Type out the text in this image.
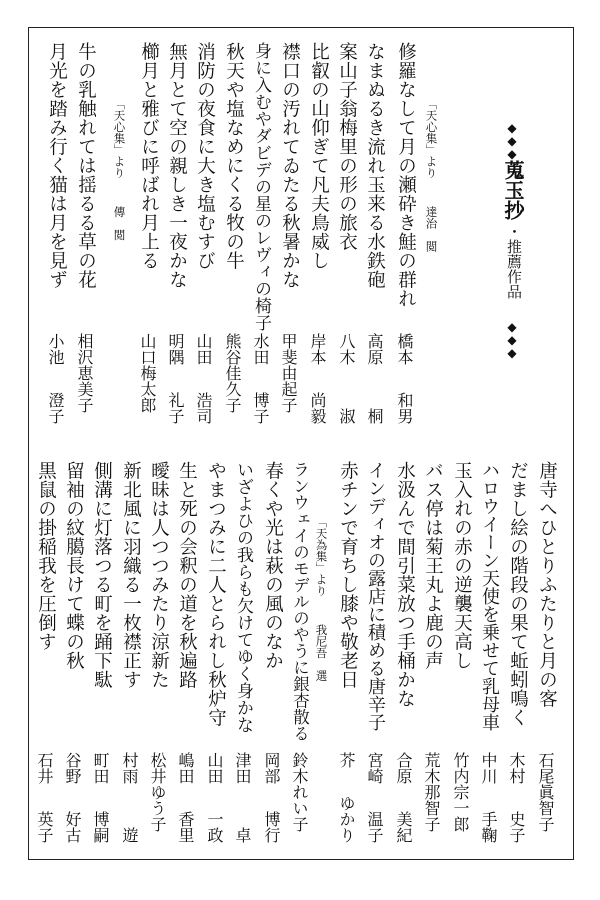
◆◆◆
蒐玉抄
・推薦作品
◆◆◆
「天心集」より
達治　閲
修羅なして月の瀬砕き鮭の群れ
橋本
和男
なまぬるき流れ玉来る水鉄砲
高原
桐
案山子翁梅里の形の旅衣
八木
淑
比叡の山仰ぎて凡夫鳥威し
岸本
尚毅
襟口の汚れてゐたる秋暑かな
甲斐由起子
身に入むやダビデの星のレヴィの椅子
水田
博子
秋天や塩なめにくる牧の牛
熊谷佳久子
消防の夜食に大き塩むすび
山田
浩司
無月とて空の親しき一夜かな
明隅
礼子
櫛月と雅びに呼ばれ月上る
山口梅太郎
「天心集」より
傳　閲
牛の乳触れては揺るる草の花
相沢恵美子
月光を踏み行く猫は月を見ず
小池
澄子
唐寺へひとりふたりと月の客
石尾眞智子
だまし絵の階段の果て蚯蚓鳴く
木村
史子
ハロウイーン天使を乗せて乳母車
中川
手鞠
玉入れの赤の逆襲天高し
竹内宗一郎
バス停は菊王丸よ鹿の声
荒木那智子
水汲んで間引菜放つ手桶かな
合原
美紀
インディオの露店に積める唐辛子
宮崎
温子
赤チンで育ちし膝や敬老日
芥
ゆかり
「天為集」より
我尼吾　選
ランウェイのモデルのやうに銀杏散る
鈴木れい子
春くや光は萩の風のなか
岡部
博行
いざよひの我らも欠けてゆく身かな
津田
卓
やまつみに二人とられし秋炉守
山田
一政
生と死の会釈の道を秋遍路
嶋田
香里
曖昧は人つつみたり涼新た
松井ゆう子
新北風に羽織る一枚襟正す
村雨
遊
側溝に灯落つる町を踊下駄
町田
博嗣
留袖の紋臈長けて蝶の秋
谷野
好古
黒鼠の掛稲我を圧倒す
石井
英子
